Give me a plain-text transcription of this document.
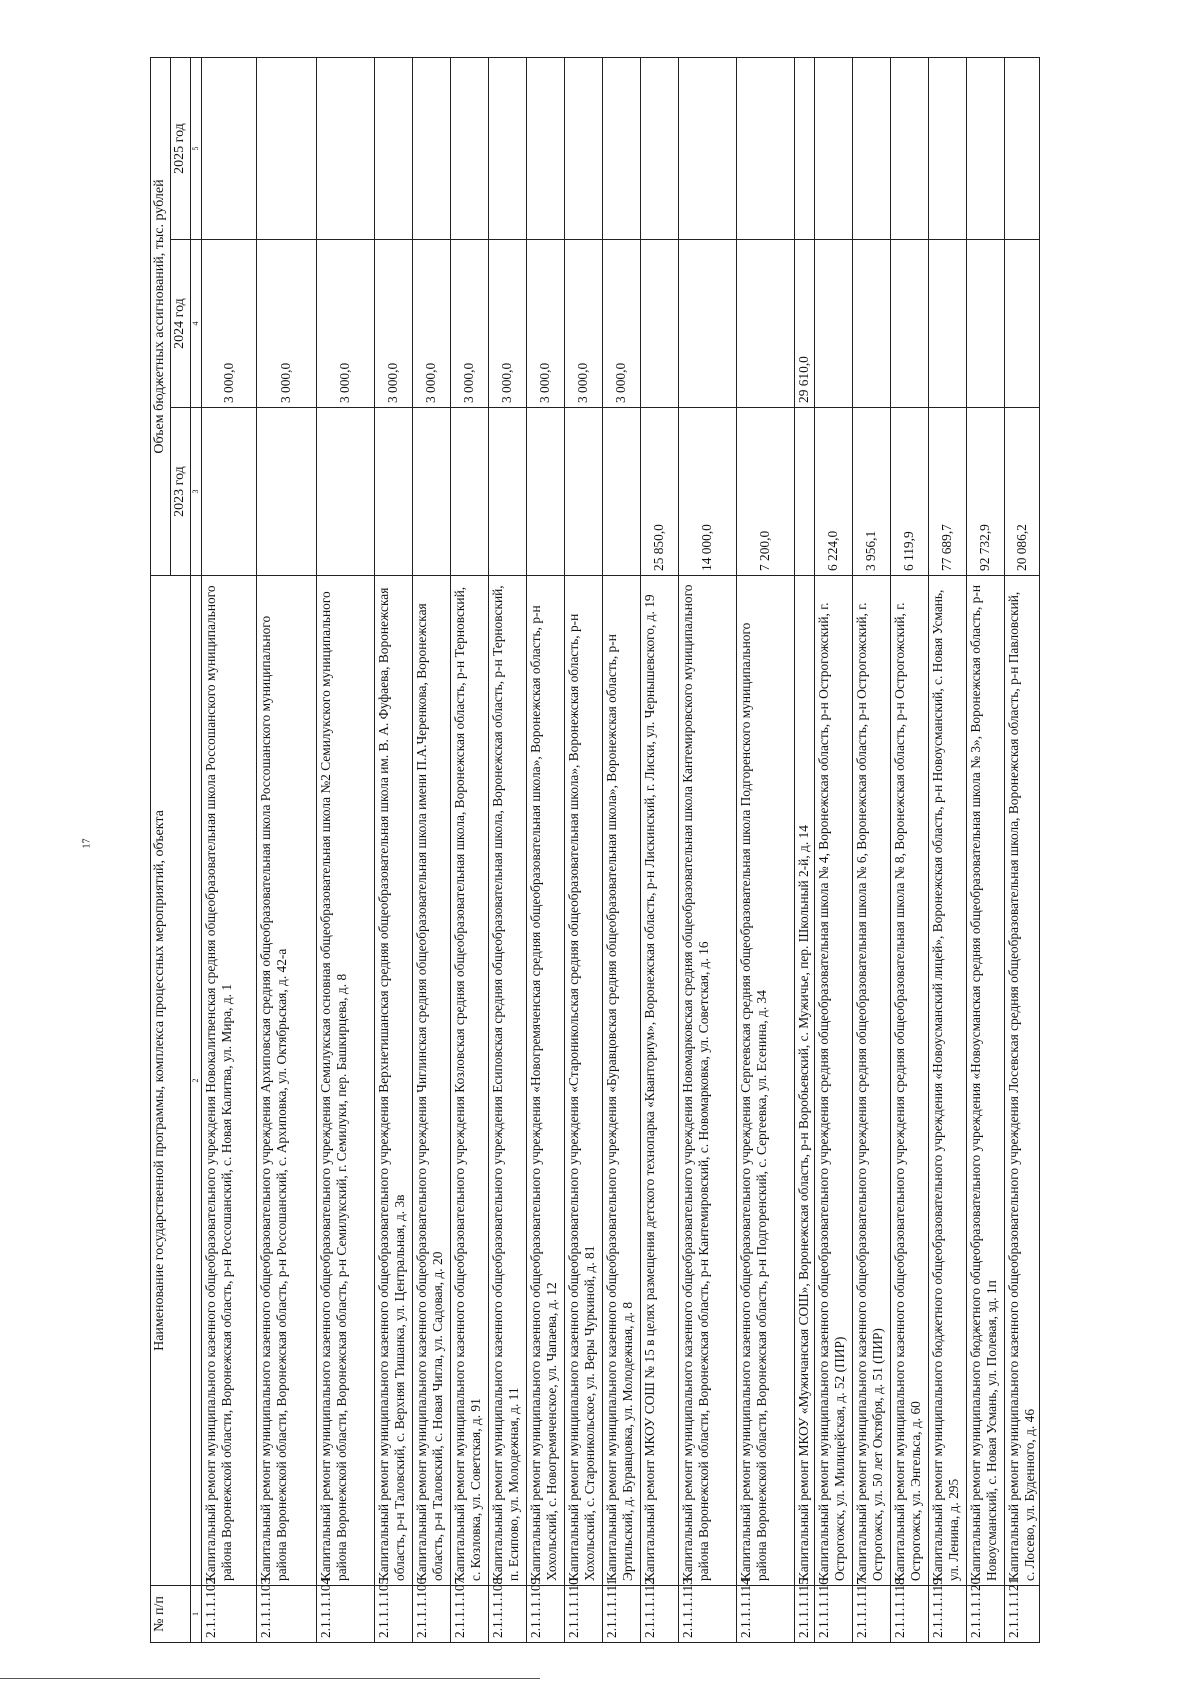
17
№ п/п	Наименование государственной программы, комплекса процессных мероприятий, объекта	Объем бюджетных ассигнований, тыс. рублей		
		2023 год	2024 год	2025 год
1	2	3	4	5
2.1.1.1.102	Капитальный ремонт муниципального казенного общеобразовательного учреждения Новокалитвенская средняя общеобразовательная школа Россошанского муниципального района Воронежской области, Воронежская область, р-н Россошанский, с. Новая Калитва, ул. Мира, д. 1		3 000,0	
2.1.1.1.103	Капитальный ремонт муниципального казенного общеобразовательного учреждения Архиповская средняя общеобразовательная школа Россошанского муниципального района Воронежской области, Воронежская область, р-н Россошанский, с. Архиповка, ул. Октябрьская, д. 42-а		3 000,0	
2.1.1.1.104	Капитальный ремонт муниципального казенного общеобразовательного учреждения Семилукская основная общеобразовательная школа №2 Семилукского муниципального района Воронежской области, Воронежская область, р-н Семилукский, г. Семилуки, пер. Башкирцева, д. 8		3 000,0	
2.1.1.1.105	Капитальный ремонт муниципального казенного общеобразовательного учреждения Верхнетишанская средняя общеобразовательная школа им. В. А. Фуфаева, Воронежская область, р-н Таловский, с. Верхняя Тишанка, ул. Центральная, д. 3в		3 000,0	
2.1.1.1.106	Капитальный ремонт муниципального казенного общеобразовательного учреждения Чиглинская средняя общеобразовательная школа имени П.А.Черенкова, Воронежская область, р-н Таловский, с. Новая Чигла, ул. Садовая, д. 20		3 000,0	
2.1.1.1.107	Капитальный ремонт муниципального казенного общеобразовательного учреждения Козловская средняя общеобразовательная школа, Воронежская область, р-н Терновский, с. Козловка, ул. Советская, д. 91		3 000,0	
2.1.1.1.108	Капитальный ремонт муниципального казенного общеобразовательного учреждения Есиповская средняя общеобразовательная школа, Воронежская область, р-н Терновский, п. Есипово, ул. Молодежная, д. 11		3 000,0	
2.1.1.1.109	Капитальный ремонт муниципального казенного общеобразовательного учреждения «Новогремяченская средняя общеобразовательная школа», Воронежская область, р-н Хохольский, с. Новогремяченское, ул. Чапаева, д. 12		3 000,0	
2.1.1.1.110	Капитальный ремонт муниципального казенного общеобразовательного учреждения «Староникольская средняя общеобразовательная школа», Воронежская область, р-н Хохольский, с. Староникольское, ул. Веры Чуркиной, д. 81		3 000,0	
2.1.1.1.111	Капитальный ремонт муниципального казенного общеобразовательного учреждения «Буравцовская средняя общеобразовательная школа», Воронежская область, р-н Эртильский, д. Буравцовка, ул. Молодежная, д. 8		3 000,0	
2.1.1.1.112	Капитальный ремонт МКОУ СОШ № 15 в целях размещения детского технопарка «Кванториум», Воронежская область, р-н Лискинский, г. Лиски, ул. Чернышевского, д. 19	25 850,0		
2.1.1.1.113	Капитальный ремонт муниципального казенного общеобразовательного учреждения Новомарковская средняя общеобразовательная школа Кантемировского муниципального района Воронежской области, Воронежская область, р-н Кантемировский, с. Новомарковка, ул. Советская, д. 16	14 000,0		
2.1.1.1.114	Капитальный ремонт муниципального казенного общеобразовательного учреждения Сергеевская средняя общеобразовательная школа Подгоренского муниципального района Воронежской области, Воронежская область, р-н Подгоренский, с. Сергеевка, ул. Есенина, д. 34	7 200,0		
2.1.1.1.115	Капитальный ремонт МКОУ «Мужичанская СОШ», Воронежская область, р-н Воробьевский, с. Мужичье, пер. Школьный 2-й, д. 14		29 610,0	
2.1.1.1.116	Капитальный ремонт муниципального казенного общеобразовательного учреждения средняя общеобразовательная школа № 4, Воронежская область, р-н Острогожский, г. Острогожск, ул. Милицейская, д. 52 (ПИР)	6 224,0		
2.1.1.1.117	Капитальный ремонт муниципального казенного общеобразовательного учреждения средняя общеобразовательная школа № 6, Воронежская область, р-н Острогожский, г. Острогожск, ул. 50 лет Октября, д. 51 (ПИР)	3 956,1		
2.1.1.1.118	Капитальный ремонт муниципального казенного общеобразовательного учреждения средняя общеобразовательная школа № 8, Воронежская область, р-н Острогожский, г. Острогожск, ул. Энгельса, д. 60	6 119,9		
2.1.1.1.119	Капитальный ремонт муниципального бюджетного общеобразовательного учреждения «Новоусманский лицей», Воронежская область, р-н Новоусманский, с. Новая Усмань, ул. Ленина, д. 295	77 689,7		
2.1.1.1.120	Капитальный ремонт муниципального бюджетного общеобразовательного учреждения «Новоусманская средняя общеобразовательная школа № 3», Воронежская область, р-н Новоусманский, с. Новая Усмань, ул. Полевая, зд. 1п	92 732,9		
2.1.1.1.121	Капитальный ремонт муниципального казенного общеобразовательного учреждения Лосевская средняя общеобразовательная школа, Воронежская область, р-н Павловский, с. Лосево, ул. Буденного, д. 46	20 086,2		
